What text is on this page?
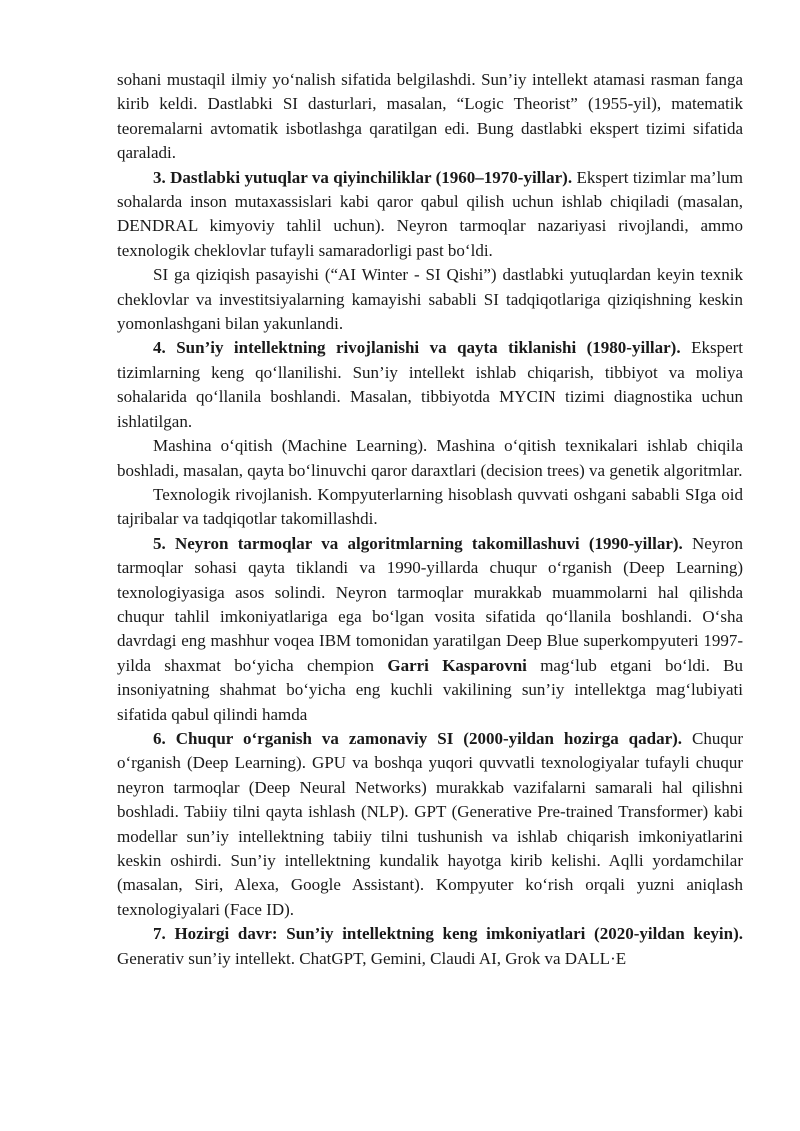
sohani mustaqil ilmiy yo‘nalish sifatida belgilashdi. Sun’iy intellekt atamasi rasman fanga kirib keldi. Dastlabki SI dasturlari, masalan, “Logic Theorist” (1955-yil), matematik teoremalarni avtomatik isbotlashga qaratilgan edi. Bung dastlabki ekspert tizimi sifatida qaraladi.

3. Dastlabki yutuqlar va qiyinchiliklar (1960–1970-yillar). Ekspert tizimlar ma’lum sohalarda inson mutaxassislari kabi qaror qabul qilish uchun ishlab chiqiladi (masalan, DENDRAL kimyoviy tahlil uchun). Neyron tarmoqlar nazariyasi rivojlandi, ammo texnologik cheklovlar tufayli samaradorligi past bo‘ldi.

SI ga qiziqish pasayishi (“AI Winter - SI Qishi”) dastlabki yutuqlardan keyin texnik cheklovlar va investitsiyalarning kamayishi sababli SI tadqiqotlariga qiziqishning keskin yomonlashgani bilan yakunlandi.

4. Sun’iy intellektning rivojlanishi va qayta tiklanishi (1980-yillar). Ekspert tizimlarning keng qo‘llanilishi. Sun’iy intellekt ishlab chiqarish, tibbiyot va moliya sohalarida qo‘llanila boshlandi. Masalan, tibbiyotda MYCIN tizimi diagnostika uchun ishlatilgan.

Mashina o‘qitish (Machine Learning). Mashina o‘qitish texnikalari ishlab chiqila boshladi, masalan, qayta bo‘linuvchi qaror daraxtlari (decision trees) va genetik algoritmlar.

Texnologik rivojlanish. Kompyuterlarning hisoblash quvvati oshgani sababli SIga oid tajribalar va tadqiqotlar takomillashdi.

5. Neyron tarmoqlar va algoritmlarning takomillashuvi (1990-yillar). Neyron tarmoqlar sohasi qayta tiklandi va 1990-yillarda chuqur o‘rganish (Deep Learning) texnologiyasiga asos solindi. Neyron tarmoqlar murakkab muammolarni hal qilishda chuqur tahlil imkoniyatlariga ega bo‘lgan vosita sifatida qo‘llanila boshlandi. O‘sha davrdagi eng mashhur voqea IBM tomonidan yaratilgan Deep Blue superkompyuteri 1997-yilda shaxmat bo‘yicha chempion Garri Kasparovni mag‘lub etgani bo‘ldi. Bu insoniyatning shahmat bo‘yicha eng kuchli vakilining sun’iy intellektga mag‘lubiyati sifatida qabul qilindi hamda

6. Chuqur o‘rganish va zamonaviy SI (2000-yildan hozirga qadar). Chuqur o‘rganish (Deep Learning). GPU va boshqa yuqori quvvatli texnologiyalar tufayli chuqur neyron tarmoqlar (Deep Neural Networks) murakkab vazifalarni samarali hal qilishni boshladi. Tabiiy tilni qayta ishlash (NLP). GPT (Generative Pre-trained Transformer) kabi modellar sun’iy intellektning tabiiy tilni tushunish va ishlab chiqarish imkoniyatlarini keskin oshirdi. Sun’iy intellektning kundalik hayotga kirib kelishi. Aqlli yordamchilar (masalan, Siri, Alexa, Google Assistant). Kompyuter ko‘rish orqali yuzni aniqlash texnologiyalari (Face ID).

7. Hozirgi davr: Sun’iy intellektning keng imkoniyatlari (2020-yildan keyin). Generativ sun’iy intellekt. ChatGPT, Gemini, Claudi AI, Grok va DALL·E
